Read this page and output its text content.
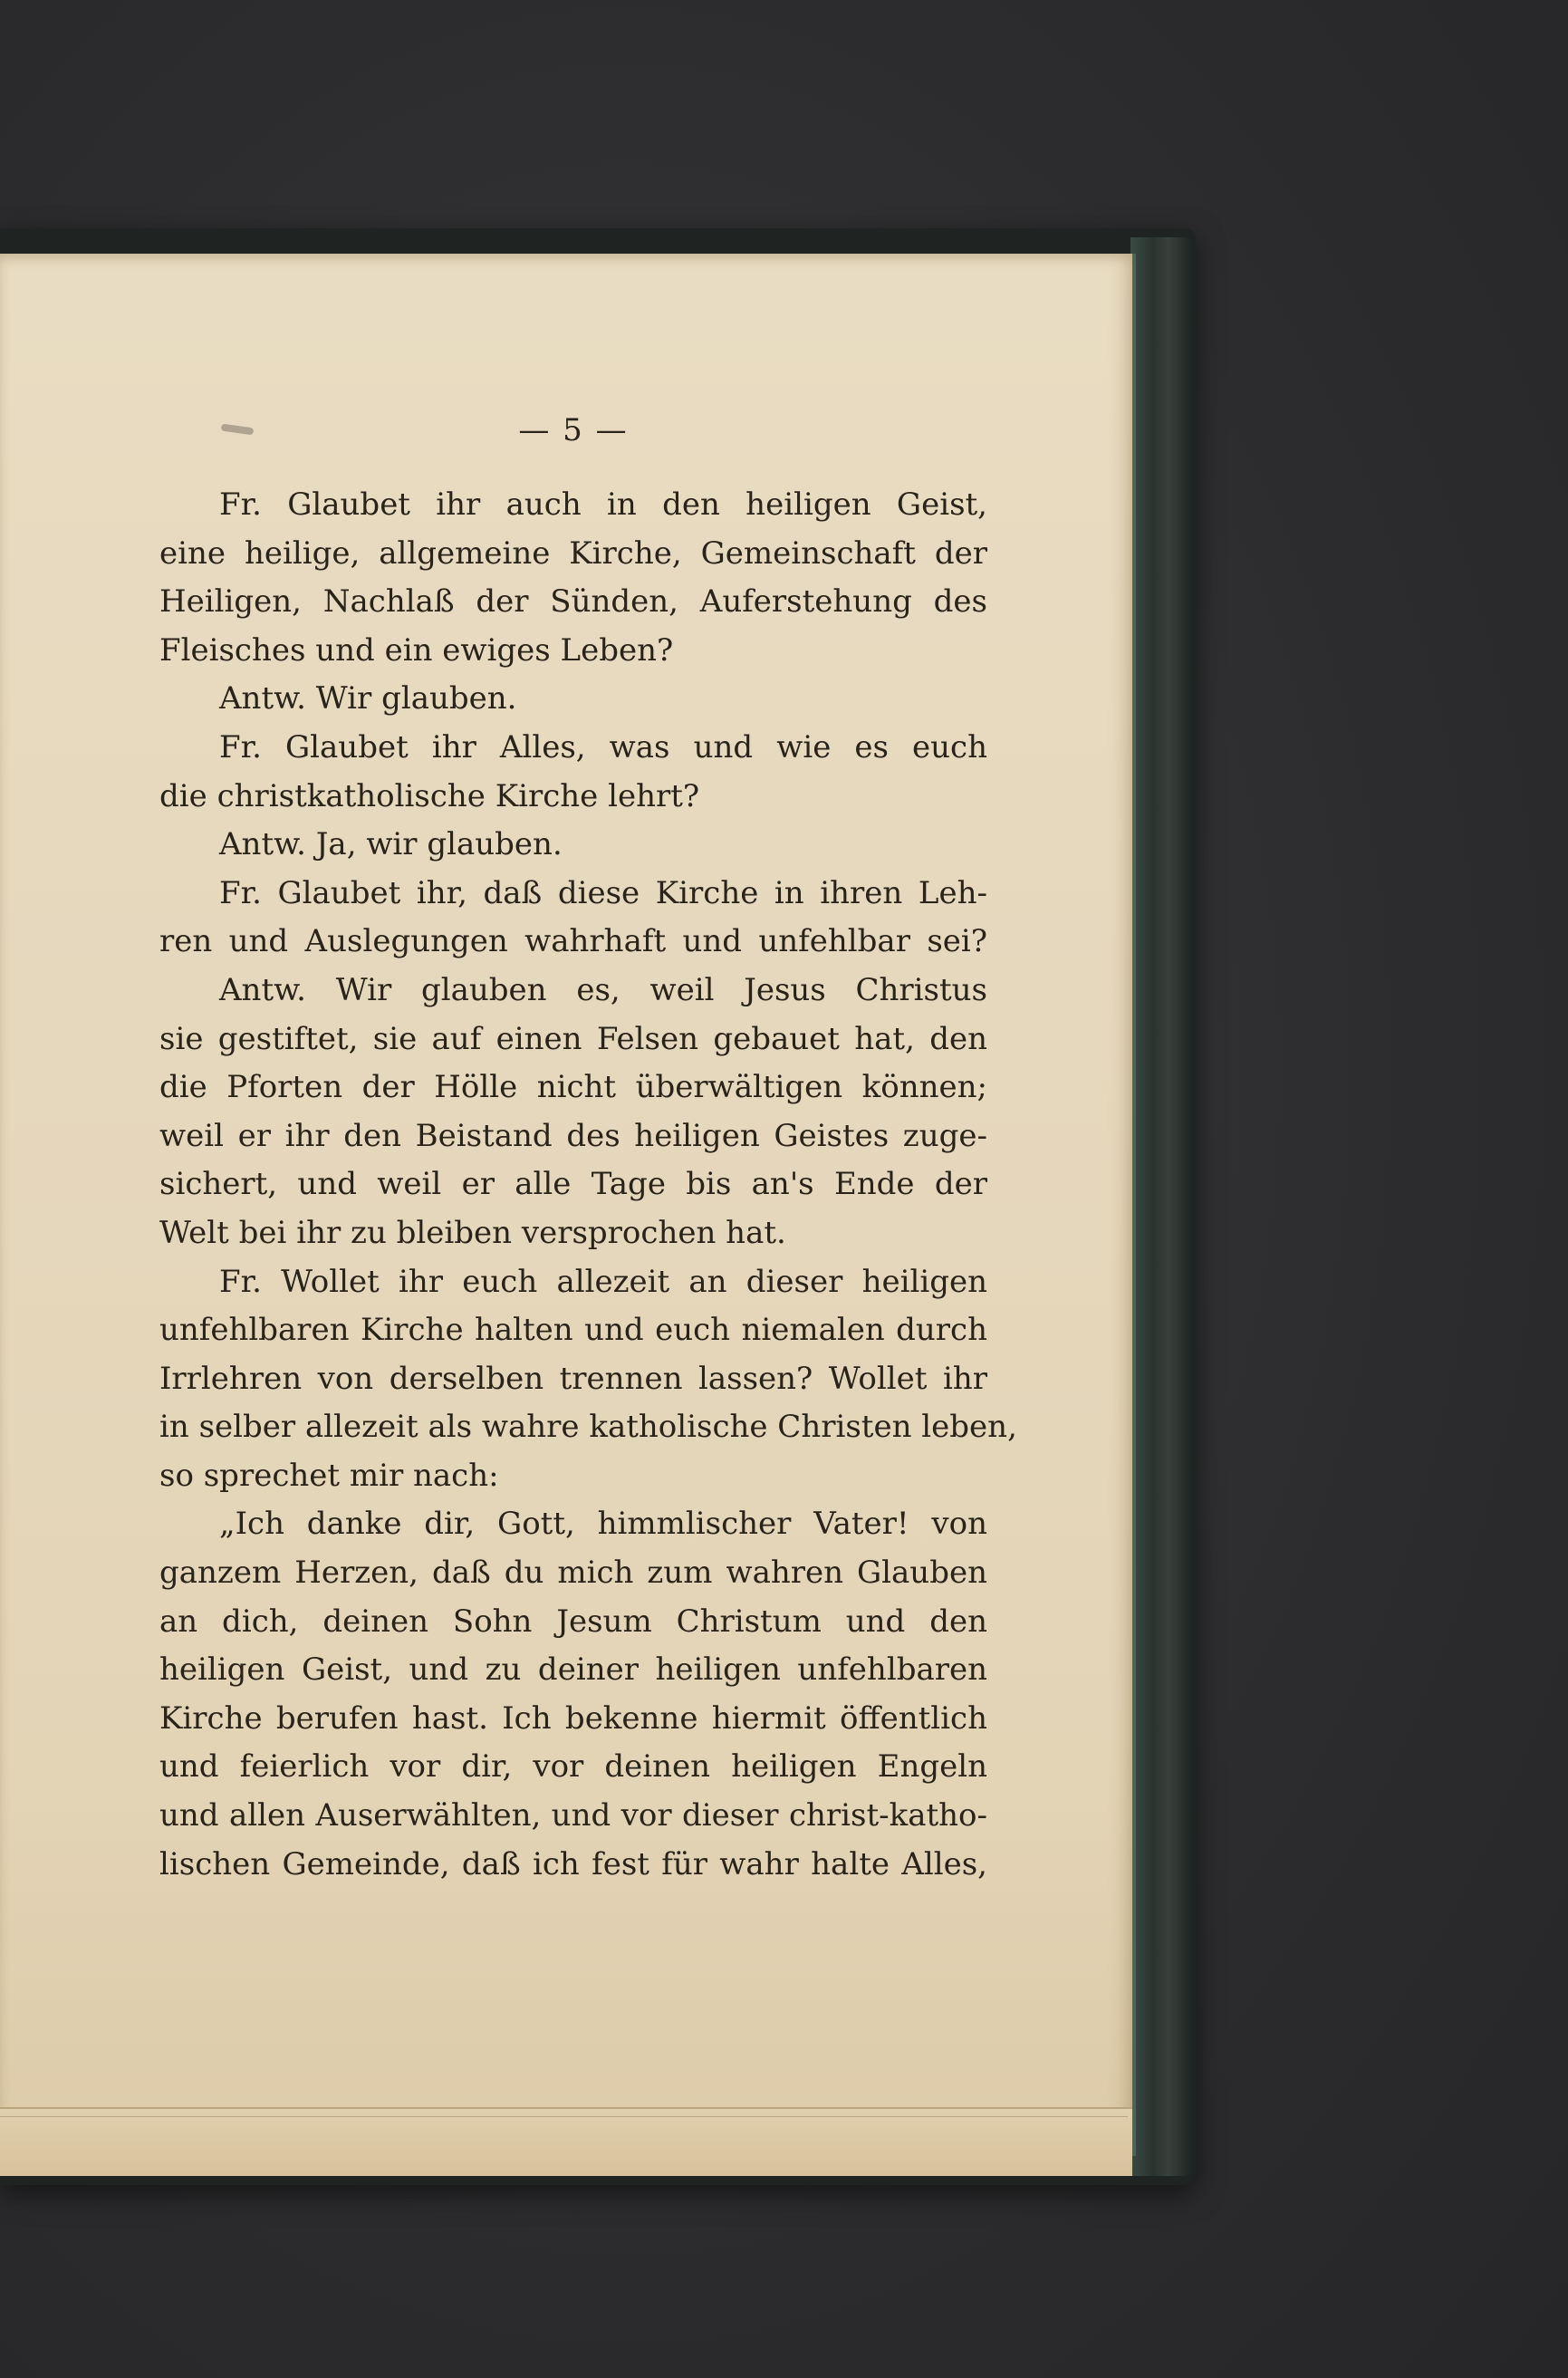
— 5 —
Fr. Glaubet ihr auch in den heiligen Geist,
eine heilige, allgemeine Kirche, Gemeinschaft der
Heiligen, Nachlaß der Sünden, Auferstehung des
Fleisches und ein ewiges Leben?
Antw. Wir glauben.
Fr. Glaubet ihr Alles, was und wie es euch
die christkatholische Kirche lehrt?
Antw. Ja, wir glauben.
Fr. Glaubet ihr, daß diese Kirche in ihren Leh-
ren und Auslegungen wahrhaft und unfehlbar sei?
Antw. Wir glauben es, weil Jesus Christus
sie gestiftet, sie auf einen Felsen gebauet hat, den
die Pforten der Hölle nicht überwältigen können;
weil er ihr den Beistand des heiligen Geistes zuge-
sichert, und weil er alle Tage bis an's Ende der
Welt bei ihr zu bleiben versprochen hat.
Fr. Wollet ihr euch allezeit an dieser heiligen
unfehlbaren Kirche halten und euch niemalen durch
Irrlehren von derselben trennen lassen? Wollet ihr
in selber allezeit als wahre katholische Christen leben,
so sprechet mir nach:
„Ich danke dir, Gott, himmlischer Vater! von
ganzem Herzen, daß du mich zum wahren Glauben
an dich, deinen Sohn Jesum Christum und den
heiligen Geist, und zu deiner heiligen unfehlbaren
Kirche berufen hast. Ich bekenne hiermit öffentlich
und feierlich vor dir, vor deinen heiligen Engeln
und allen Auserwählten, und vor dieser christ-katho-
lischen Gemeinde, daß ich fest für wahr halte Alles,
